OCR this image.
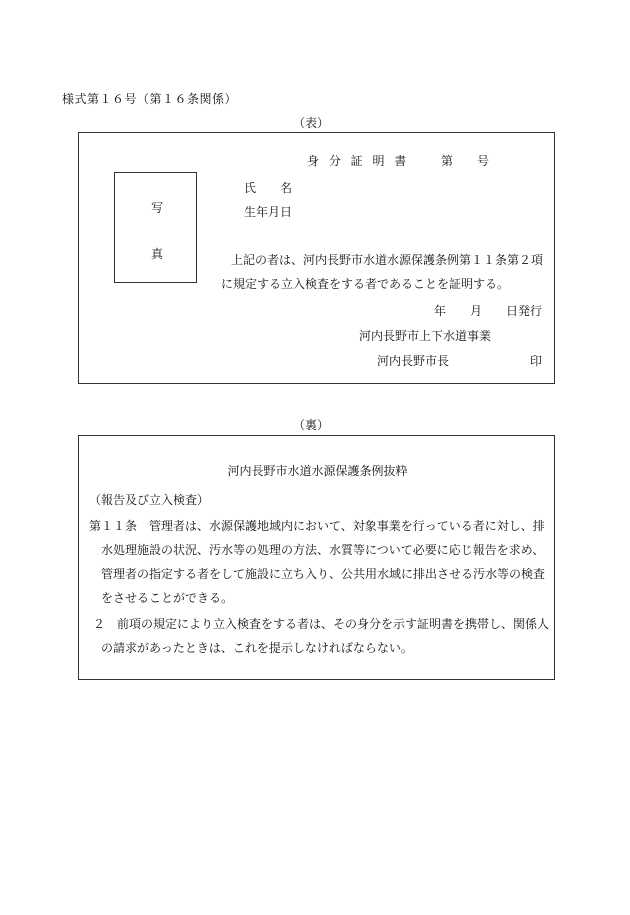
様式第１６号（第１６条関係）
（表）
写
真
身 分 証 明 書	第　　号
氏　　名
生年月日
上記の者は、河内長野市水道水源保護条例第１１条第２項
に規定する立入検査をする者であることを証明する。
年　　月　　日発行
河内長野市上下水道事業
河内長野市長	印
（裏）
河内長野市水道水源保護条例抜粋
（報告及び立入検査）
第１１条　管理者は、水源保護地域内において、対象事業を行っている者に対し、排
水処理施設の状況、汚水等の処理の方法、水質等について必要に応じ報告を求め、
管理者の指定する者をして施設に立ち入り、公共用水域に排出させる汚水等の検査
をさせることができる。
２　前項の規定により立入検査をする者は、その身分を示す証明書を携帯し、関係人
の請求があったときは、これを提示しなければならない。
